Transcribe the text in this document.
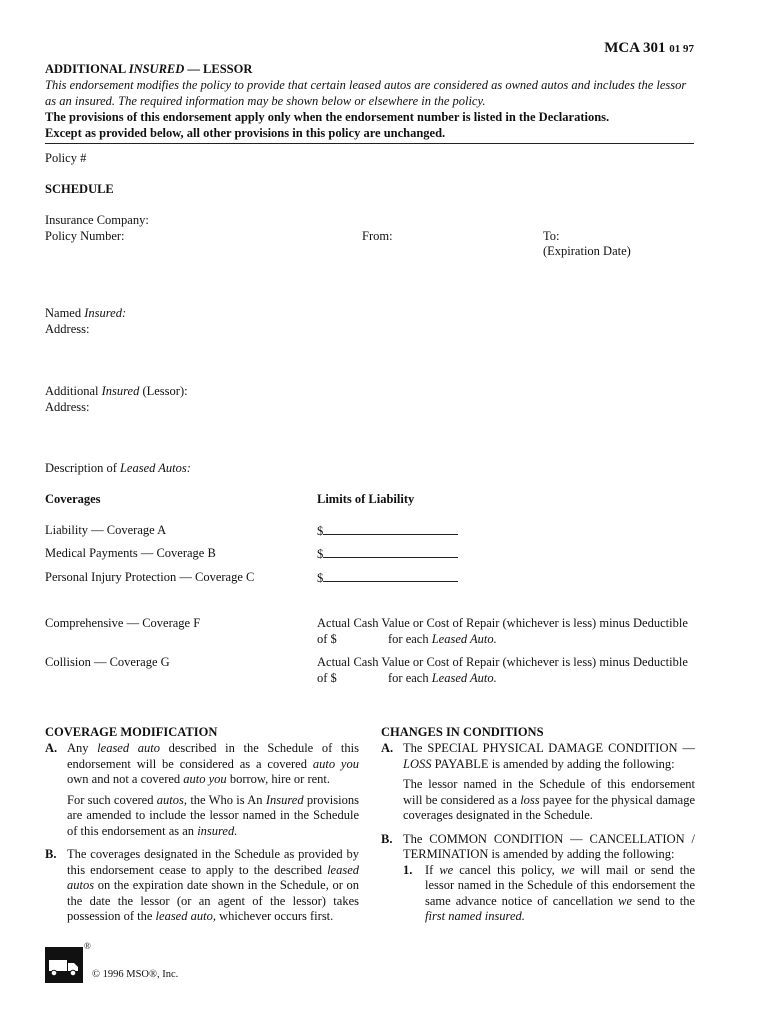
MCA 301 01 97
ADDITIONAL INSURED — LESSOR
This endorsement modifies the policy to provide that certain leased autos are considered as owned autos and includes the lessor
as an insured. The required information may be shown below or elsewhere in the policy.
The provisions of this endorsement apply only when the endorsement number is listed in the Declarations.
Except as provided below, all other provisions in this policy are unchanged.
Policy #
SCHEDULE
Insurance Company:
Policy Number:	From:	To:
(Expiration Date)
Named Insured:
Address:
Additional Insured (Lessor):
Address:
Description of Leased Autos:
Coverages	Limits of Liability
Liability — Coverage A	$
Medical Payments — Coverage B	$
Personal Injury Protection — Coverage C	$
Comprehensive — Coverage F	Actual Cash Value or Cost of Repair (whichever is less) minus Deductible
of $	for each Leased Auto.
Collision — Coverage G	Actual Cash Value or Cost of Repair (whichever is less) minus Deductible
of $	for each Leased Auto.
COVERAGE MODIFICATION
A. Any leased auto described in the Schedule of this endorsement will be considered as a covered auto you own and not a covered auto you borrow, hire or rent.
For such covered autos, the Who is An Insured provisions are amended to include the lessor named in the Schedule of this endorsement as an insured.
B. The coverages designated in the Schedule as provided by this endorsement cease to apply to the described leased autos on the expiration date shown in the Schedule, or on the date the lessor (or an agent of the lessor) takes possession of the leased auto, whichever occurs first.
CHANGES IN CONDITIONS
A. The SPECIAL PHYSICAL DAMAGE CONDITION — LOSS PAYABLE is amended by adding the following:
The lessor named in the Schedule of this endorsement will be considered as a loss payee for the physical damage coverages designated in the Schedule.
B. The COMMON CONDITION — CANCELLATION / TERMINATION is amended by adding the following:
1. If we cancel this policy, we will mail or send the lessor named in the Schedule of this endorsement the same advance notice of cancellation we send to the first named insured.
®
© 1996 MSO®, Inc.
